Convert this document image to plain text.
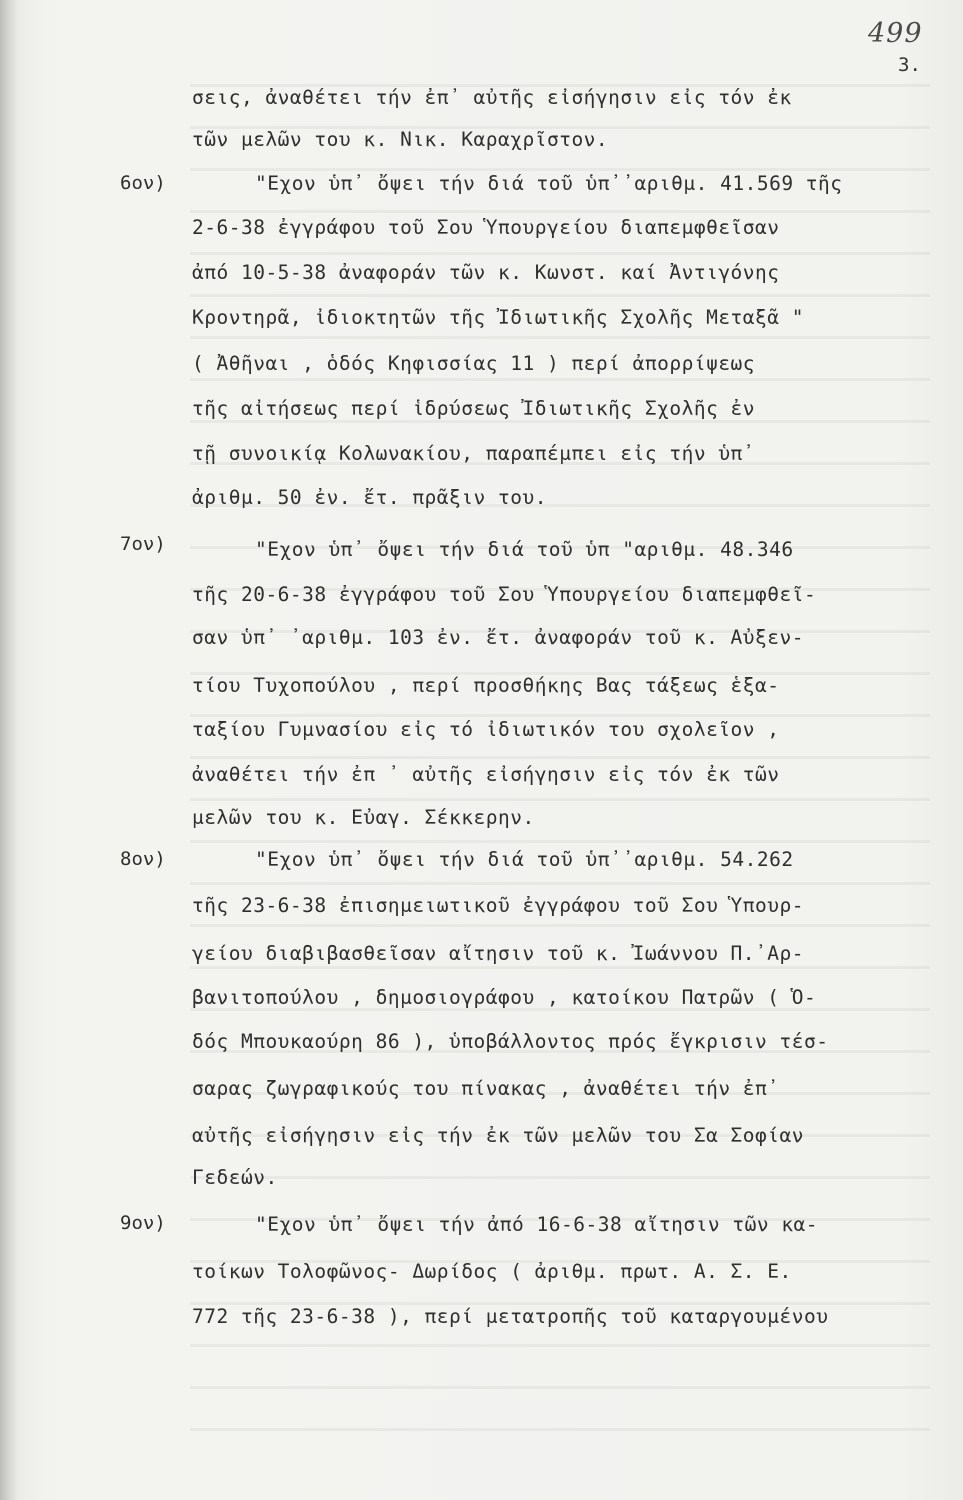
499
3.
σεις, ἀναθέτει τήν ἐπ᾽ αὐτῆς εἰσήγησιν εἰς τόν ἐκ
τῶν μελῶν του κ. Νικ. Καραχρῖστον.
6ον)	"Εχον ὑπ᾽ ὄψει τήν διά τοῦ ὑπ᾽᾽αριθμ. 41.569 τῆς
2-6-38 ἐγγράφου τοῦ Σου Ὑπουργείου διαπεμφθεῖσαν
ἀπό 10-5-38 ἀναφοράν τῶν κ. Κωνστ. καί Ἀντιγόνης
Κροντηρᾶ, ἰδιοκτητῶν τῆς Ἰδιωτικῆς Σχολῆς Μεταξᾶ "
( Ἀθῆναι , ὁδός Κηφισσίας 11 ) περί ἀπορρίψεως
τῆς αἰτήσεως περί ἱδρύσεως Ἰδιωτικῆς Σχολῆς ἐν
τῇ συνοικίᾳ Κολωνακίου, παραπέμπει εἰς τήν ὑπ᾽
ἀριθμ. 50 ἐν. ἔτ. πρᾶξιν του.
7ον)	"Εχον ὑπ᾽ ὄψει τήν διά τοῦ ὑπ "αριθμ. 48.346
τῆς 20-6-38 ἐγγράφου τοῦ Σου Ὑπουργείου διαπεμφθεῖ-
σαν ὑπ᾽ ᾽αριθμ. 103 ἐν. ἔτ. ἀναφοράν τοῦ κ. Αὐξεν-
τίου Τυχοπούλου , περί προσθήκης Βας τάξεως ἑξα-
ταξίου Γυμνασίου εἰς τό ἰδιωτικόν του σχολεῖον ,
ἀναθέτει τήν ἐπ ᾽ αὐτῆς εἰσήγησιν εἰς τόν ἐκ τῶν
μελῶν του κ. Εὐαγ. Σέκκερην.
8ον)	"Εχον ὑπ᾽ ὄψει τήν διά τοῦ ὑπ᾽᾽αριθμ. 54.262
τῆς 23-6-38 ἐπισημειωτικοῦ ἐγγράφου τοῦ Σου Ὑπουρ-
γείου διαβιβασθεῖσαν αἴτησιν τοῦ κ. Ἰωάννου Π.᾽Αρ-
βανιτοπούλου , δημοσιογράφου , κατοίκου Πατρῶν ( Ὁ-
δός Μπουκαούρη 86 ), ὑποβάλλοντος πρός ἔγκρισιν τέσ-
σαρας ζωγραφικούς του πίνακας , ἀναθέτει τήν ἐπ᾽
αὐτῆς εἰσήγησιν εἰς τήν ἐκ τῶν μελῶν του Σα Σοφίαν
Γεδεών.
9ον)	"Εχον ὑπ᾽ ὄψει τήν ἀπό 16-6-38 αἴτησιν τῶν κα-
τοίκων Τολοφῶνος- Δωρίδος ( ἀριθμ. πρωτ. Α. Σ. Ε.
772 τῆς 23-6-38 ), περί μετατροπῆς τοῦ καταργουμένου
